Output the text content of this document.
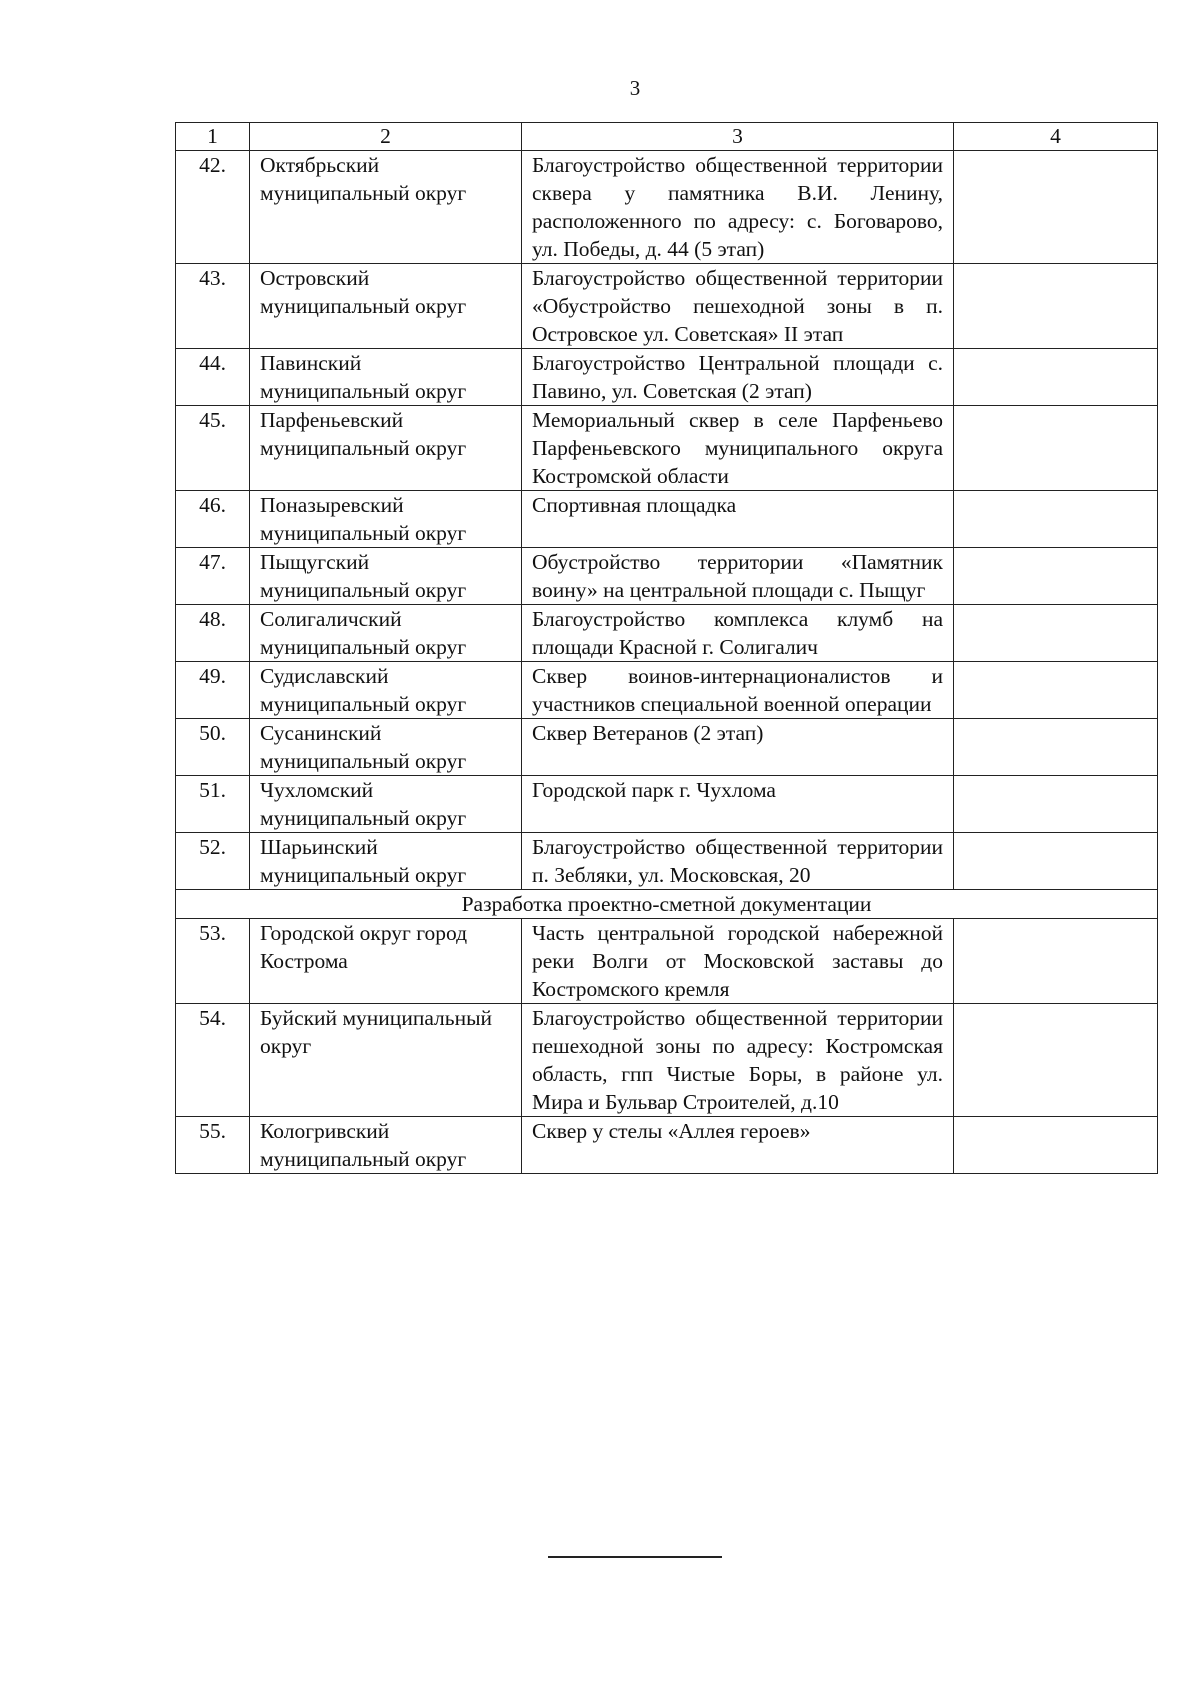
3
1	2	3	4
42.	Октябрьский муниципальный округ	Благоустройство общественной территории сквера у памятника В.И. Ленину, расположенного по адресу: с. Боговарово, ул. Победы, д. 44 (5 этап)	
43.	Островский муниципальный округ	Благоустройство общественной территории «Обустройство пешеходной зоны в п. Островское ул. Советская» II этап	
44.	Павинский муниципальный округ	Благоустройство Центральной площади с. Павино, ул. Советская (2 этап)	
45.	Парфеньевский муниципальный округ	Мемориальный сквер в селе Парфеньево Парфеньевского муниципального округа Костромской области	
46.	Поназыревский муниципальный округ	Спортивная площадка	
47.	Пыщугский муниципальный округ	Обустройство территории «Памятник воину» на центральной площади с. Пыщуг	
48.	Солигаличский муниципальный округ	Благоустройство комплекса клумб на площади Красной г. Солигалич	
49.	Судиславский муниципальный округ	Сквер воинов-интернационалистов и участников специальной военной операции	
50.	Сусанинский муниципальный округ	Сквер Ветеранов (2 этап)	
51.	Чухломский муниципальный округ	Городской парк г. Чухлома	
52.	Шарьинский муниципальный округ	Благоустройство общественной территории п. Зебляки, ул. Московская, 20	
Разработка проектно-сметной документации			
53.	Городской округ город Кострома	Часть центральной городской набережной реки Волги от Московской заставы до Костромского кремля	
54.	Буйский муниципальный округ	Благоустройство общественной территории пешеходной зоны по адресу: Костромская область, гпп Чистые Боры, в районе ул. Мира и Бульвар Строителей, д.10	
55.	Кологривский муниципальный округ	Сквер у стелы «Аллея героев»	
